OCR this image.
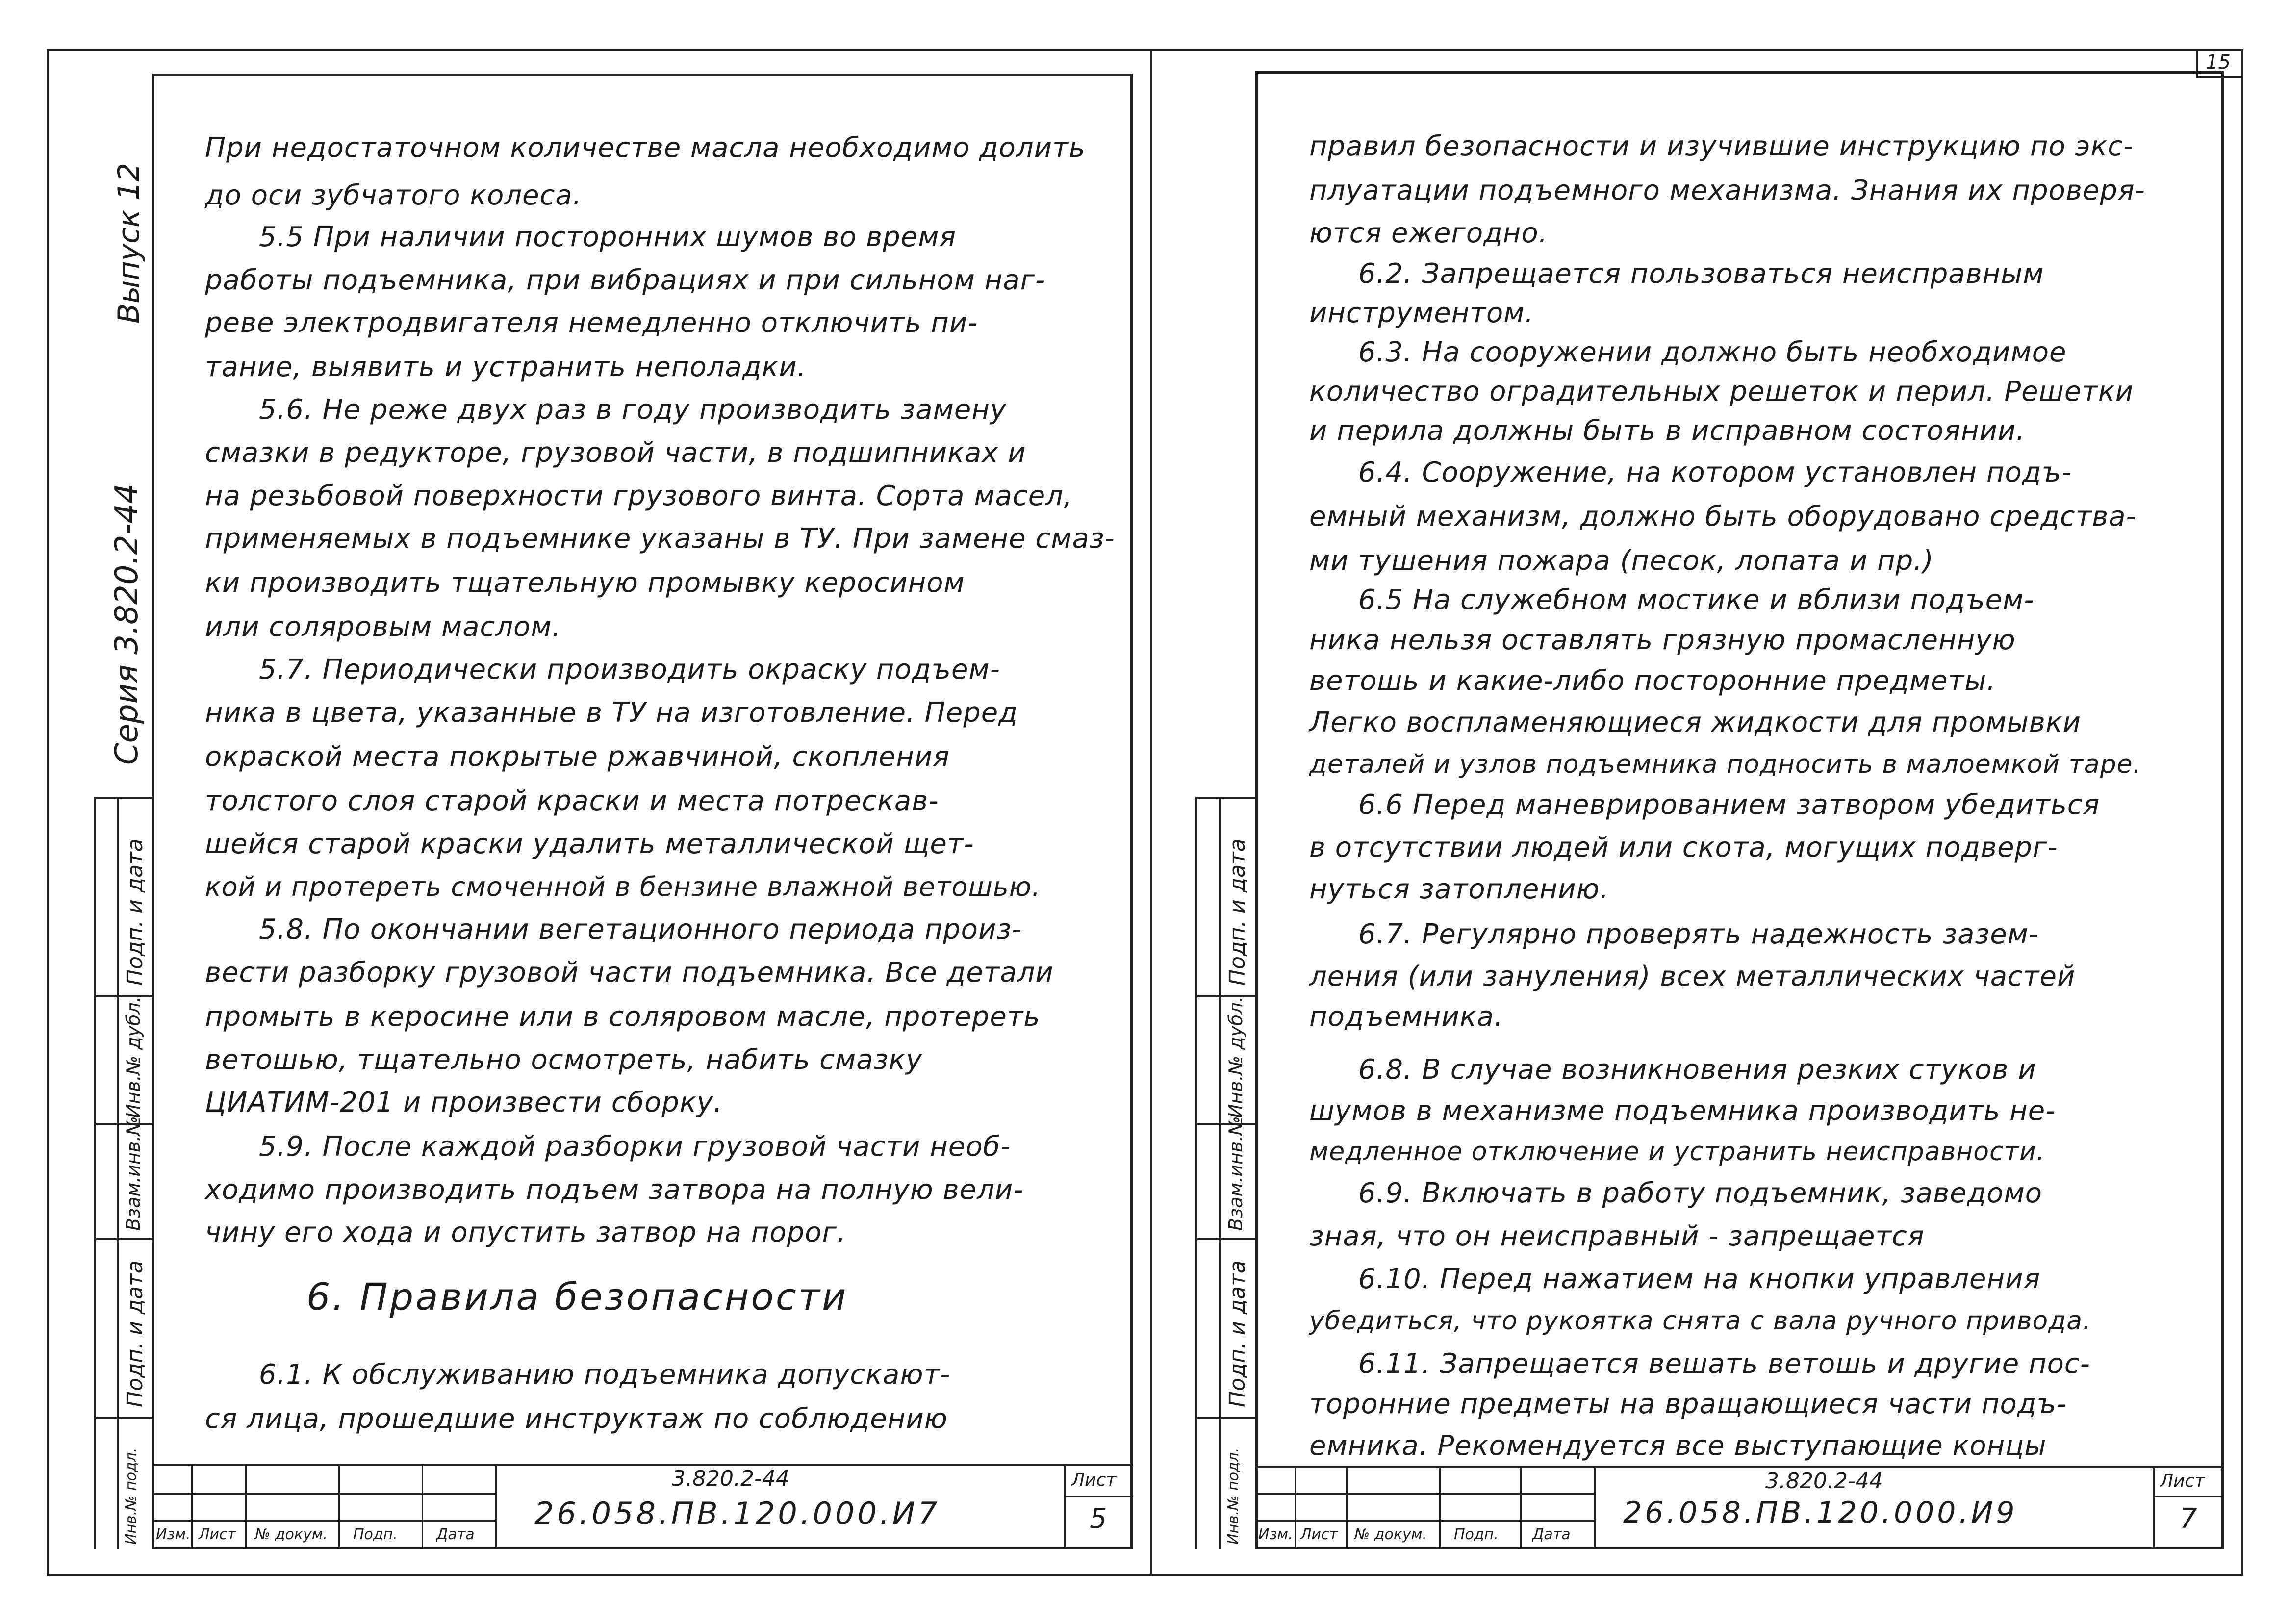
15
Подп. и дата
Инв.№ дубл.
Взам.инв.№
Подп. и дата
Инв.№ подл.
Серия 3.820.2-44
Выпуск 12
При недостаточном количестве масла необходимо долить
до оси зубчатого колеса.
5.5 При наличии посторонних шумов во время
работы подъемника, при вибрациях и при сильном наг-
реве электродвигателя немедленно отключить пи-
тание, выявить и устранить неполадки.
5.6. Не реже двух раз в году производить замену
смазки в редукторе, грузовой части, в подшипниках и
на резьбовой поверхности грузового винта. Сорта масел,
применяемых в подъемнике указаны в ТУ. При замене смаз-
ки производить тщательную промывку керосином
или соляровым маслом.
5.7. Периодически производить окраску подъем-
ника в цвета, указанные в ТУ на изготовление. Перед
окраской места покрытые ржавчиной, скопления
толстого слоя старой краски и места потрескав-
шейся старой краски удалить металлической щет-
кой и протереть смоченной в бензине влажной ветошью.
5.8. По окончании вегетационного периода произ-
вести разборку грузовой части подъемника. Все детали
промыть в керосине или в соляровом масле, протереть
ветошью, тщательно осмотреть, набить смазку
ЦИАТИМ-201 и произвести сборку.
5.9. После каждой разборки грузовой части необ-
ходимо производить подъем затвора на полную вели-
чину его хода и опустить затвор на порог.
6. Правила безопасности
6.1. К обслуживанию подъемника допускают-
ся лица, прошедшие инструктаж по соблюдению
Изм. Лист № докум. Подп.	Дата
3.820.2-44
26.058.ПВ.120.000.И7
Лист
5
Подп. и дата
Инв.№ дубл.
Взам.инв.№
Подп. и дата
Инв.№ подл.
правил безопасности и изучившие инструкцию по экс-
плуатации подъемного механизма. Знания их проверя-
ются ежегодно.
6.2. Запрещается пользоваться неисправным
инструментом.
6.3. На сооружении должно быть необходимое
количество оградительных решеток и перил. Решетки
и перила должны быть в исправном состоянии.
6.4. Сооружение, на котором установлен подъ-
емный механизм, должно быть оборудовано средства-
ми тушения пожара (песок, лопата и пр.)
6.5 На служебном мостике и вблизи подъем-
ника нельзя оставлять грязную промасленную
ветошь и какие-либо посторонние предметы.
Легко воспламеняющиеся жидкости для промывки
деталей и узлов подъемника подносить в малоемкой таре.
6.6 Перед маневрированием затвором убедиться
в отсутствии людей или скота, могущих подверг-
нуться затоплению.
6.7. Регулярно проверять надежность зазем-
ления (или зануления) всех металлических частей
подъемника.
6.8. В случае возникновения резких стуков и
шумов в механизме подъемника производить не-
медленное отключение и устранить неисправности.
6.9. Включать в работу подъемник, заведомо
зная, что он неисправный - запрещается
6.10. Перед нажатием на кнопки управления
убедиться, что рукоятка снята с вала ручного привода.
6.11. Запрещается вешать ветошь и другие пос-
торонние предметы на вращающиеся части подъ-
емника. Рекомендуется все выступающие концы
Изм. Лист № докум. Подп. Дата
3.820.2-44
26.058.ПВ.120.000.И9
Лист
7
